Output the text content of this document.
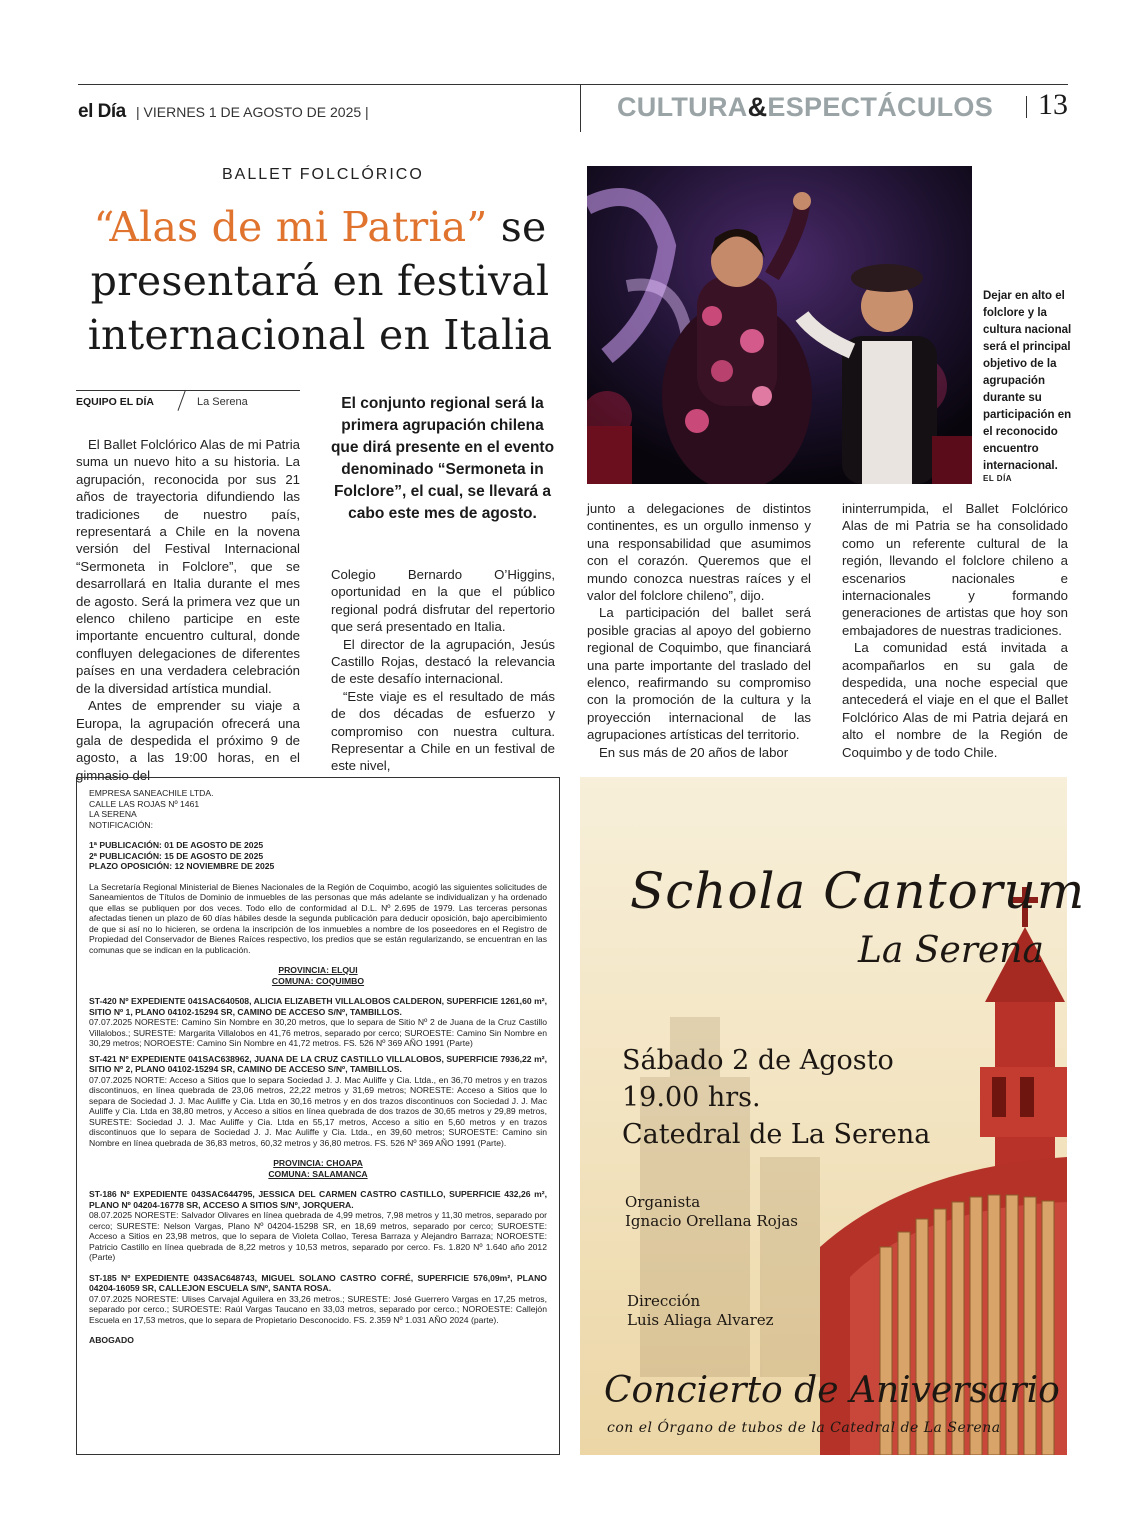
el Día | VIERNES 1 DE AGOSTO DE 2025 |	CULTURA&ESPECTÁCULOS 13
BALLET FOLCLÓRICO
“Alas de mi Patria” se presentará en festival internacional en Italia
Dejar en alto el folclore y la cultura nacional será el principal objetivo de la agrupación durante su participación en el reconocido encuentro internacional.
EL DÍA
EQUIPO EL DÍA	La Serena	El conjunto regional será la primera agrupación chilena que dirá presente en el evento denominado “Sermoneta in Folclore”, el cual, se llevará a cabo este mes de agosto.

El Ballet Folclórico Alas de mi Patria suma un nuevo hito a su historia. La agrupación, reconocida por sus 21 años de trayectoria difundiendo las tradiciones de nuestro país, representará a Chile en la novena versión del Festival Internacional “Sermoneta in Folclore”, que se desarrollará en Italia durante el mes de agosto. Será la primera vez que un elenco chileno participe en este importante encuentro cultural, donde confluyen delegaciones de diferentes países en una verdadera celebración de la diversidad artística mundial.

Antes de emprender su viaje a Europa, la agrupación ofrecerá una gala de despedida el próximo 9 de agosto, a las 19:00 horas, en el gimnasio del

Colegio Bernardo O’Higgins, oportunidad en la que el público regional podrá disfrutar del repertorio que será presentado en Italia.

El director de la agrupación, Jesús Castillo Rojas, destacó la relevancia de este desafío internacional.

“Este viaje es el resultado de más de dos décadas de esfuerzo y compromiso con nuestra cultura. Representar a Chile en un festival de este nivel,

junto a delegaciones de distintos continentes, es un orgullo inmenso y una responsabilidad que asumimos con el corazón. Queremos que el mundo conozca nuestras raíces y el valor del folclore chileno”, dijo.

La participación del ballet será posible gracias al apoyo del gobierno regional de Coquimbo, que financiará una parte importante del traslado del elenco, reafirmando su compromiso con la promoción de la cultura y la proyección internacional de las agrupaciones artísticas del territorio.

En sus más de 20 años de labor

ininterrumpida, el Ballet Folclórico Alas de mi Patria se ha consolidado como un referente cultural de la región, llevando el folclore chileno a escenarios nacionales e internacionales y formando generaciones de artistas que hoy son embajadores de nuestras tradiciones.

La comunidad está invitada a acompañarlos en su gala de despedida, una noche especial que antecederá el viaje en el que el Ballet Folclórico Alas de mi Patria dejará en alto el nombre de la Región de Coquimbo y de todo Chile.

EMPRESA SANEACHILE LTDA.

CALLE LAS ROJAS Nº 1461

LA SERENA

NOTIFICACIÓN:

1ª PUBLICACIÓN: 01 DE AGOSTO DE 2025

2ª PUBLICACIÓN: 15 DE AGOSTO DE 2025

PLAZO OPOSICIÓN: 12 NOVIEMBRE DE 2025

La Secretaría Regional Ministerial de Bienes Nacionales de la Región de Coquimbo, acogió las siguientes solicitudes de Saneamientos de Títulos de Dominio de inmuebles de las personas que más adelante se individualizan y ha ordenado que ellas se publiquen por dos veces. Todo ello de conformidad al D.L. Nº 2.695 de 1979. Las terceras personas afectadas tienen un plazo de 60 días hábiles desde la segunda publicación para deducir oposición, bajo apercibimiento de que si así no lo hicieren, se ordena la inscripción de los inmuebles a nombre de los poseedores en el Registro de Propiedad del Conservador de Bienes Raíces respectivo, los predios que se están regularizando, se encuentran en las comunas que se indican en la publicación.

PROVINCIA: ELQUI

COMUNA: COQUIMBO

ST-420 Nº EXPEDIENTE 041SAC640508, ALICIA ELIZABETH VILLALOBOS CALDERON, SUPERFICIE 1261,60 m², SITIO Nº 1, PLANO 04102-15294 SR, CAMINO DE ACCESO S/Nº, TAMBILLOS.

07.07.2025 NORESTE: Camino Sin Nombre en 30,20 metros, que lo separa de Sitio Nº 2 de Juana de la Cruz Castillo Villalobos.; SURESTE: Margarita Villalobos en 41,76 metros, separado por cerco; SUROESTE: Camino Sin Nombre en 30,29 metros; NOROESTE: Camino Sin Nombre en 41,72 metros. FS. 526 Nº 369 AÑO 1991 (Parte)

ST-421 Nº EXPEDIENTE 041SAC638962, JUANA DE LA CRUZ CASTILLO VILLALOBOS, SUPERFICIE 7936,22 m², SITIO Nº 2, PLANO 04102-15294 SR, CAMINO DE ACCESO S/Nº, TAMBILLOS.

07.07.2025 NORTE: Acceso a Sitios que lo separa Sociedad J. J. Mac Auliffe y Cia. Ltda., en 36,70 metros y en trazos discontinuos, en línea quebrada de 23,06 metros, 22,22 metros y 31,69 metros; NORESTE: Acceso a Sitios que lo separa de Sociedad J. J. Mac Auliffe y Cia. Ltda en 30,16 metros y en dos trazos discontinuos con Sociedad J. J. Mac Auliffe y Cia. Ltda en 38,80 metros, y Acceso a sitios en línea quebrada de dos trazos de 30,65 metros y 29,89 metros, SURESTE: Sociedad J. J. Mac Auliffe y Cia. Ltda en 55,17 metros, Acceso a sitio en 5,60 metros y en trazos discontinuos que lo separa de Sociedad J. J. Mac Auliffe y Cia. Ltda., en 39,60 metros; SUROESTE: Camino sin Nombre en línea quebrada de 36,83 metros, 60,32 metros y 36,80 metros. FS. 526 Nº 369 AÑO 1991 (Parte).

PROVINCIA: CHOAPA

COMUNA: SALAMANCA

ST-186 Nº EXPEDIENTE 043SAC644795, JESSICA DEL CARMEN CASTRO CASTILLO, SUPERFICIE 432,26 m², PLANO Nº 04204-16778 SR, ACCESO A SITIOS S/Nº, JORQUERA.

08.07.2025 NORESTE: Salvador Olivares en línea quebrada de 4,99 metros, 7,98 metros y 11,30 metros, separado por cerco; SURESTE: Nelson Vargas, Plano Nº 04204-15298 SR, en 18,69 metros, separado por cerco; SUROESTE: Acceso a Sitios en 23,98 metros, que lo separa de Violeta Collao, Teresa Barraza y Alejandro Barraza; NOROESTE: Patricio Castillo en línea quebrada de 8,22 metros y 10,53 metros, separado por cerco. Fs. 1.820 Nº 1.640 año 2012 (Parte)

ST-185 Nº EXPEDIENTE 043SAC648743, MIGUEL SOLANO CASTRO COFRÉ, SUPERFICIE 576,09m², PLANO 04204-16059 SR, CALLEJON ESCUELA S/Nº, SANTA ROSA.

07.07.2025 NORESTE: Ulises Carvajal Aguilera en 33,26 metros.; SURESTE: José Guerrero Vargas en 17,25 metros, separado por cerco.; SUROESTE: Raúl Vargas Taucano en 33,03 metros, separado por cerco.; NOROESTE: Callejón Escuela en 17,53 metros, que lo separa de Propietario Desconocido. FS. 2.359 Nº 1.031 AÑO 2024 (parte).

ABOGADO

Schola Cantorum
La Serena
Sábado 2 de Agosto
19.00 hrs.
Catedral de La Serena
Organista
Ignacio Orellana Rojas
Dirección
Luis Aliaga Alvarez
Concierto de Aniversario
con el Órgano de tubos de la Catedral de La Serena
